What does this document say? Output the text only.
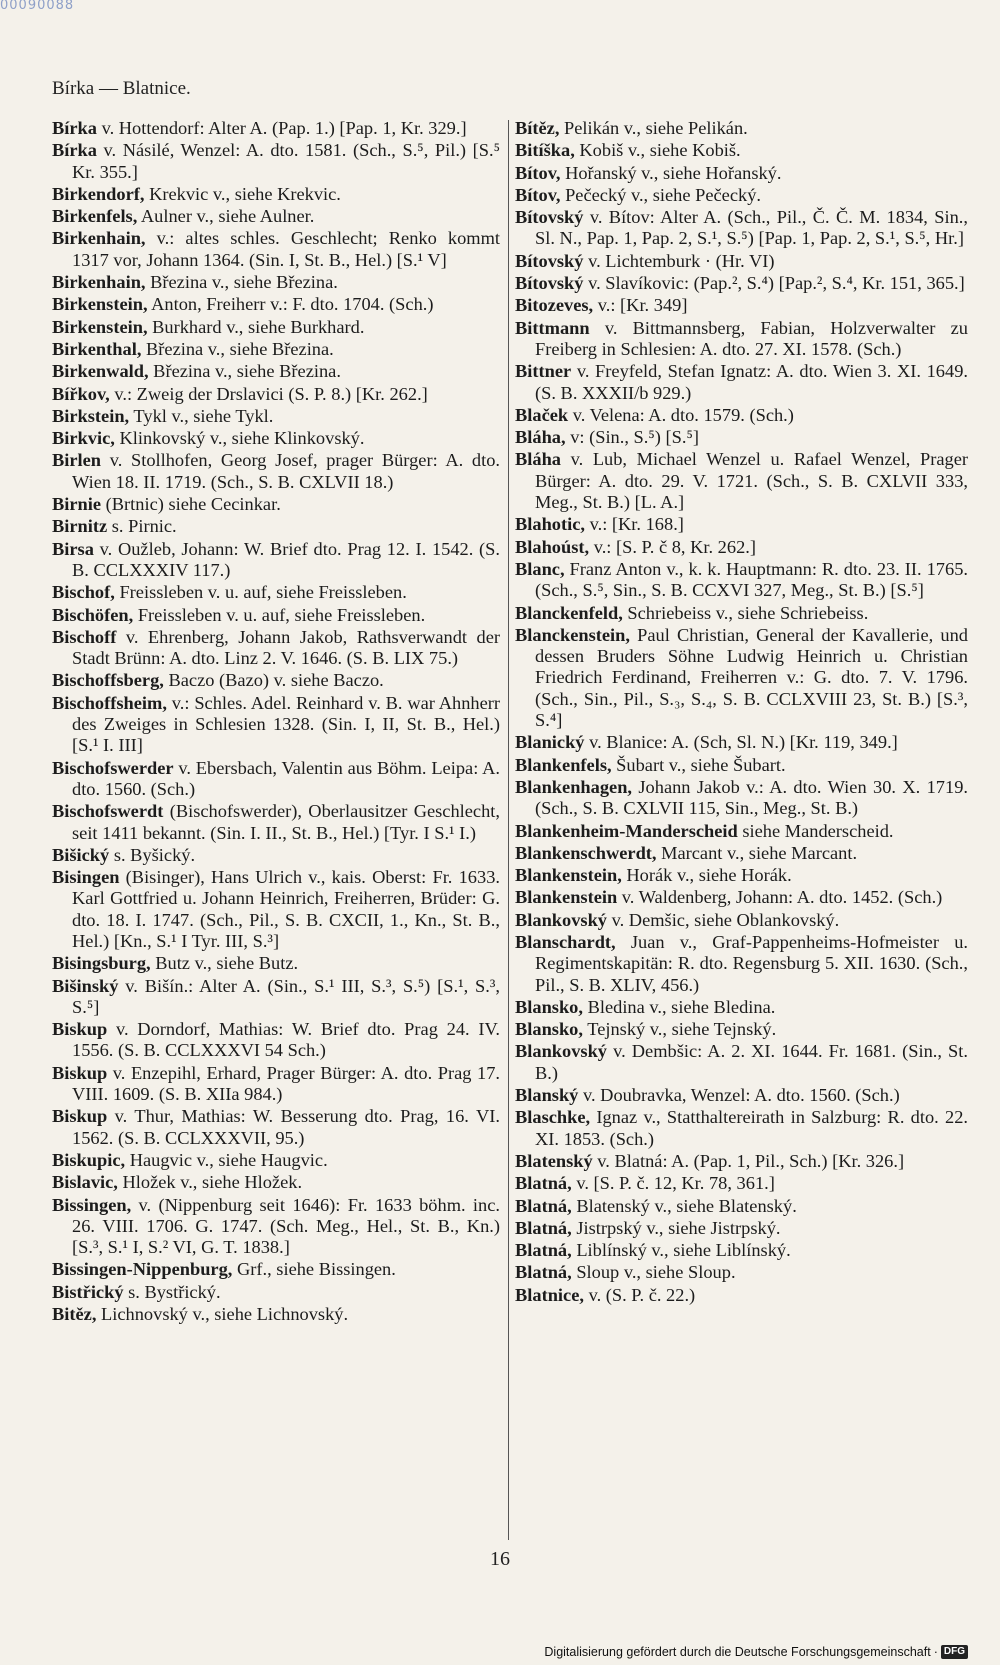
00090088
Bírka — Blatnice.
Bírka v. Hottendorf: Alter A. (Pap. 1.) [Pap. 1, Kr. 329.]
Bírka v. Násilé, Wenzel: A. dto. 1581. (Sch., S.⁵, Pil.) [S.⁵ Kr. 355.]
Birkendorf, Krekvic v., siehe Krekvic.
Birkenfels, Aulner v., siehe Aulner.
Birkenhain, v.: altes schles. Geschlecht; Renko kommt 1317 vor, Johann 1364. (Sin. I, St. B., Hel.) [S.¹ V]
Birkenhain, Březina v., siehe Březina.
Birkenstein, Anton, Freiherr v.: F. dto. 1704. (Sch.)
Birkenstein, Burkhard v., siehe Burkhard.
Birkenthal, Březina v., siehe Březina.
Birkenwald, Březina v., siehe Březina.
Bířkov, v.: Zweig der Drslavici (S. P. 8.) [Kr. 262.]
Birkstein, Tykl v., siehe Tykl.
Birkvic, Klinkovský v., siehe Klinkovský.
Birlen v. Stollhofen, Georg Josef, prager Bürger: A. dto. Wien 18. II. 1719. (Sch., S. B. CXLVII 18.)
Birnie (Brtnic) siehe Cecinkar.
Birnitz s. Pirnic.
Birsa v. Oužleb, Johann: W. Brief dto. Prag 12. I. 1542. (S. B. CCLXXXIV 117.)
Bischof, Freissleben v. u. auf, siehe Freissleben.
Bischöfen, Freissleben v. u. auf, siehe Freissleben.
Bischoff v. Ehrenberg, Johann Jakob, Rathsverwandt der Stadt Brünn: A. dto. Linz 2. V. 1646. (S. B. LIX 75.)
Bischoffsberg, Baczo (Bazo) v. siehe Baczo.
Bischoffsheim, v.: Schles. Adel. Reinhard v. B. war Ahnherr des Zweiges in Schlesien 1328. (Sin. I, II, St. B., Hel.) [S.¹ I. III]
Bischofswerder v. Ebersbach, Valentin aus Böhm. Leipa: A. dto. 1560. (Sch.)
Bischofswerdt (Bischofswerder), Oberlausitzer Geschlecht, seit 1411 bekannt. (Sin. I. II., St. B., Hel.) [Tyr. I S.¹ I.)
Bišický s. Byšický.
Bisingen (Bisinger), Hans Ulrich v., kais. Oberst: Fr. 1633. Karl Gottfried u. Johann Heinrich, Freiherren, Brüder: G. dto. 18. I. 1747. (Sch., Pil., S. B. CXCII, 1., Kn., St. B., Hel.) [Kn., S.¹ I Tyr. III, S.³]
Bisingsburg, Butz v., siehe Butz.
Bišinský v. Bišín.: Alter A. (Sin., S.¹ III, S.³, S.⁵) [S.¹, S.³, S.⁵]
Biskup v. Dorndorf, Mathias: W. Brief dto. Prag 24. IV. 1556. (S. B. CCLXXXVI 54 Sch.)
Biskup v. Enzepihl, Erhard, Prager Bürger: A. dto. Prag 17. VIII. 1609. (S. B. XIIa 984.)
Biskup v. Thur, Mathias: W. Besserung dto. Prag, 16. VI. 1562. (S. B. CCLXXXVII, 95.)
Biskupic, Haugvic v., siehe Haugvic.
Bislavic, Hložek v., siehe Hložek.
Bissingen, v. (Nippenburg seit 1646): Fr. 1633 böhm. inc. 26. VIII. 1706. G. 1747. (Sch. Meg., Hel., St. B., Kn.) [S.³, S.¹ I, S.² VI, G. T. 1838.]
Bissingen-Nippenburg, Grf., siehe Bissingen.
Bistřický s. Bystřický.
Bitěz, Lichnovský v., siehe Lichnovský.
Bítěz, Pelikán v., siehe Pelikán.
Bitíška, Kobiš v., siehe Kobiš.
Bítov, Hořanský v., siehe Hořanský.
Bítov, Pečecký v., siehe Pečecký.
Bítovský v. Bítov: Alter A. (Sch., Pil., Č. Č. M. 1834, Sin., Sl. N., Pap. 1, Pap. 2, S.¹, S.⁵) [Pap. 1, Pap. 2, S.¹, S.⁵, Hr.]
Bítovský v. Lichtemburk · (Hr. VI)
Bítovský v. Slavíkovic: (Pap.², S.⁴) [Pap.², S.⁴, Kr. 151, 365.]
Bitozeves, v.: [Kr. 349]
Bittmann v. Bittmannsberg, Fabian, Holzverwalter zu Freiberg in Schlesien: A. dto. 27. XI. 1578. (Sch.)
Bittner v. Freyfeld, Stefan Ignatz: A. dto. Wien 3. XI. 1649. (S. B. XXXII/b 929.)
Blaček v. Velena: A. dto. 1579. (Sch.)
Bláha, v: (Sin., S.⁵) [S.⁵]
Bláha v. Lub, Michael Wenzel u. Rafael Wenzel, Prager Bürger: A. dto. 29. V. 1721. (Sch., S. B. CXLVII 333, Meg., St. B.) [L. A.]
Blahotic, v.: [Kr. 168.]
Blahoúst, v.: [S. P. č 8, Kr. 262.]
Blanc, Franz Anton v., k. k. Hauptmann: R. dto. 23. II. 1765. (Sch., S.⁵, Sin., S. B. CCXVI 327, Meg., St. B.) [S.⁵]
Blanckenfeld, Schriebeiss v., siehe Schriebeiss.
Blanckenstein, Paul Christian, General der Kavallerie, und dessen Bruders Söhne Ludwig Heinrich u. Christian Friedrich Ferdinand, Freiherren v.: G. dto. 7. V. 1796. (Sch., Sin., Pil., S.₃, S.₄, S. B. CCLXVIII 23, St. B.) [S.³, S.⁴]
Blanický v. Blanice: A. (Sch, Sl. N.) [Kr. 119, 349.]
Blankenfels, Šubart v., siehe Šubart.
Blankenhagen, Johann Jakob v.: A. dto. Wien 30. X. 1719. (Sch., S. B. CXLVII 115, Sin., Meg., St. B.)
Blankenheim-Manderscheid siehe Manderscheid.
Blankenschwerdt, Marcant v., siehe Marcant.
Blankenstein, Horák v., siehe Horák.
Blankenstein v. Waldenberg, Johann: A. dto. 1452. (Sch.)
Blankovský v. Demšic, siehe Oblankovský.
Blanschardt, Juan v., Graf-Pappenheims-Hofmeister u. Regimentskapitän: R. dto. Regensburg 5. XII. 1630. (Sch., Pil., S. B. XLIV, 456.)
Blansko, Bledina v., siehe Bledina.
Blansko, Tejnský v., siehe Tejnský.
Blankovský v. Dembšic: A. 2. XI. 1644. Fr. 1681. (Sin., St. B.)
Blanský v. Doubravka, Wenzel: A. dto. 1560. (Sch.)
Blaschke, Ignaz v., Statthaltereirath in Salzburg: R. dto. 22. XI. 1853. (Sch.)
Blatenský v. Blatná: A. (Pap. 1, Pil., Sch.) [Kr. 326.]
Blatná, v. [S. P. č. 12, Kr. 78, 361.]
Blatná, Blatenský v., siehe Blatenský.
Blatná, Jistrpský v., siehe Jistrpský.
Blatná, Liblínský v., siehe Liblínský.
Blatná, Sloup v., siehe Sloup.
Blatnice, v. (S. P. č. 22.)
16
Digitalisierung gefördert durch die Deutsche Forschungsgemeinschaft · DFG
